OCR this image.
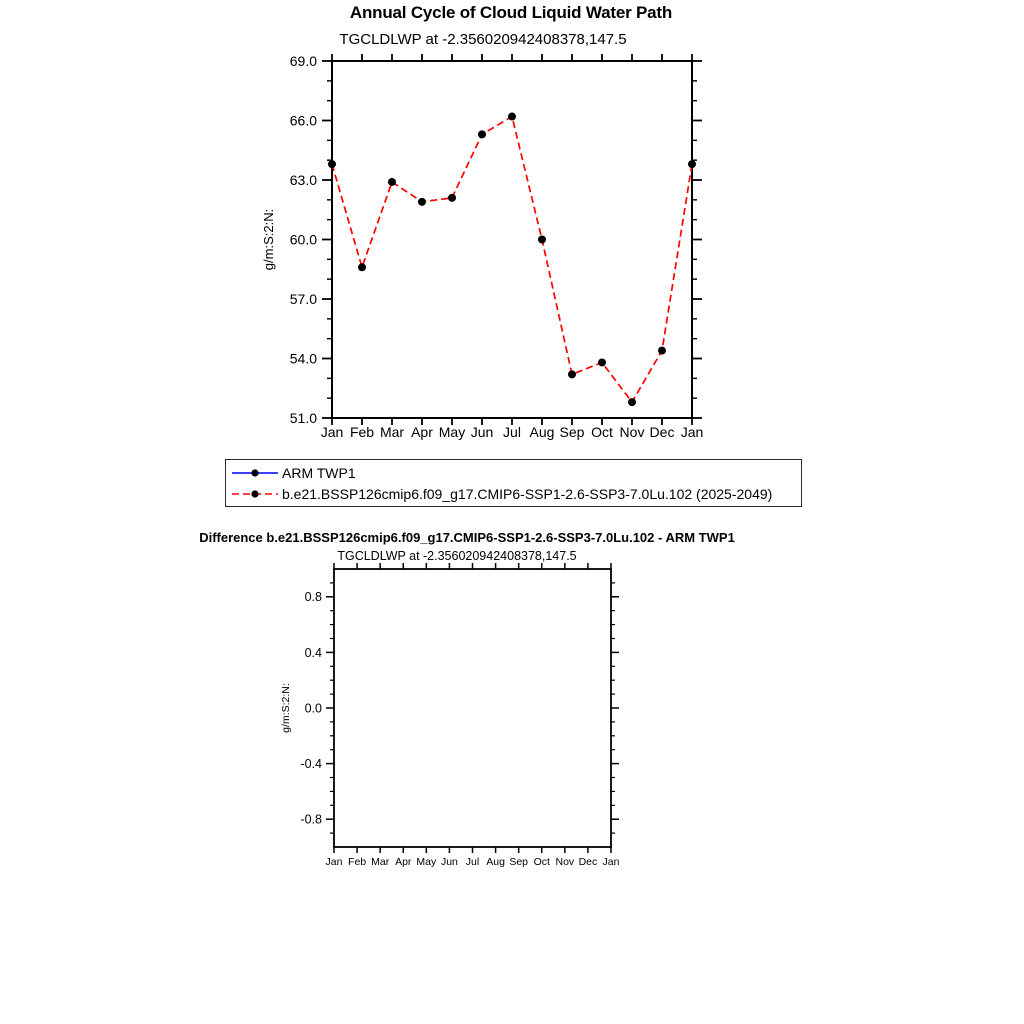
Jan Feb Mar Apr May Jun Jul Aug Sep Oct Nov Dec Jan
51.0
54.0
57.0
60.0
63.0
66.0
69.0
g/m:S:2:N:
Jan Feb Mar Apr May Jun Jul Aug Sep Oct Nov Dec Jan
-0.8
-0.4
0.0
0.4
0.8
g/m:S:2:N:
Annual Cycle of Cloud Liquid Water Path
TGCLDLWP at -2.356020942408378,147.5
ARM TWP1
b.e21.BSSP126cmip6.f09_g17.CMIP6-SSP1-2.6-SSP3-7.0Lu.102 (2025-2049)
Difference b.e21.BSSP126cmip6.f09_g17.CMIP6-SSP1-2.6-SSP3-7.0Lu.102 - ARM TWP1
TGCLDLWP at -2.356020942408378,147.5
